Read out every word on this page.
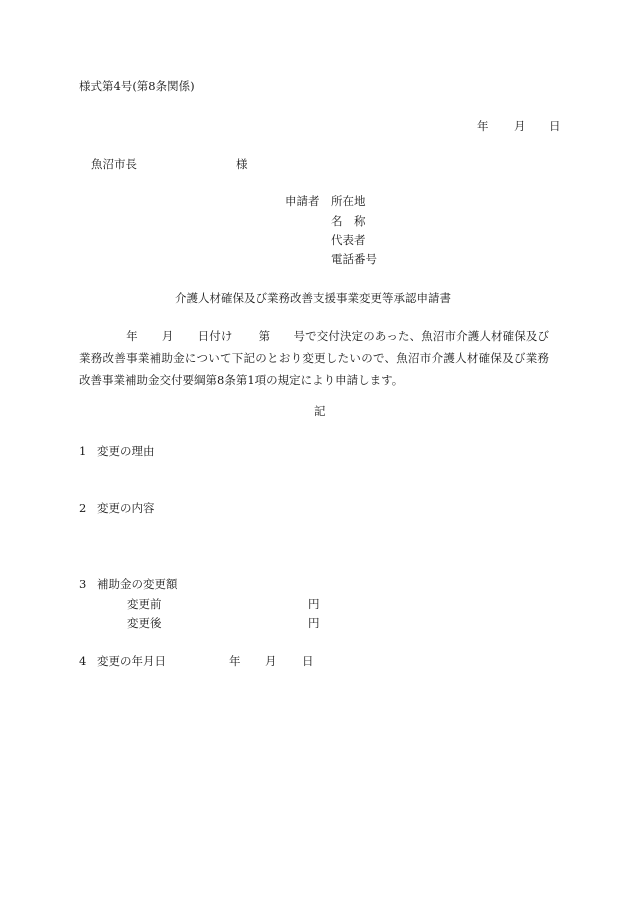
様式第4号(第8条関係)
年 月 日
魚沼市長	様
申請者 所在地
名　称
代表者
電話番号
介護人材確保及び業務改善支援事業変更等承認申請書
年 月 日付け 第 号で交付決定のあった、魚沼市介護人材確保及び業務改善事業補助金について下記のとおり変更したいので、魚沼市介護人材確保及び業務改善事業補助金交付要綱第8条第1項の規定により申請します。
記
1 変更の理由
2 変更の内容
3 補助金の変更額
変更前	円
変更後	円
4 変更の年月日	年 月 日
